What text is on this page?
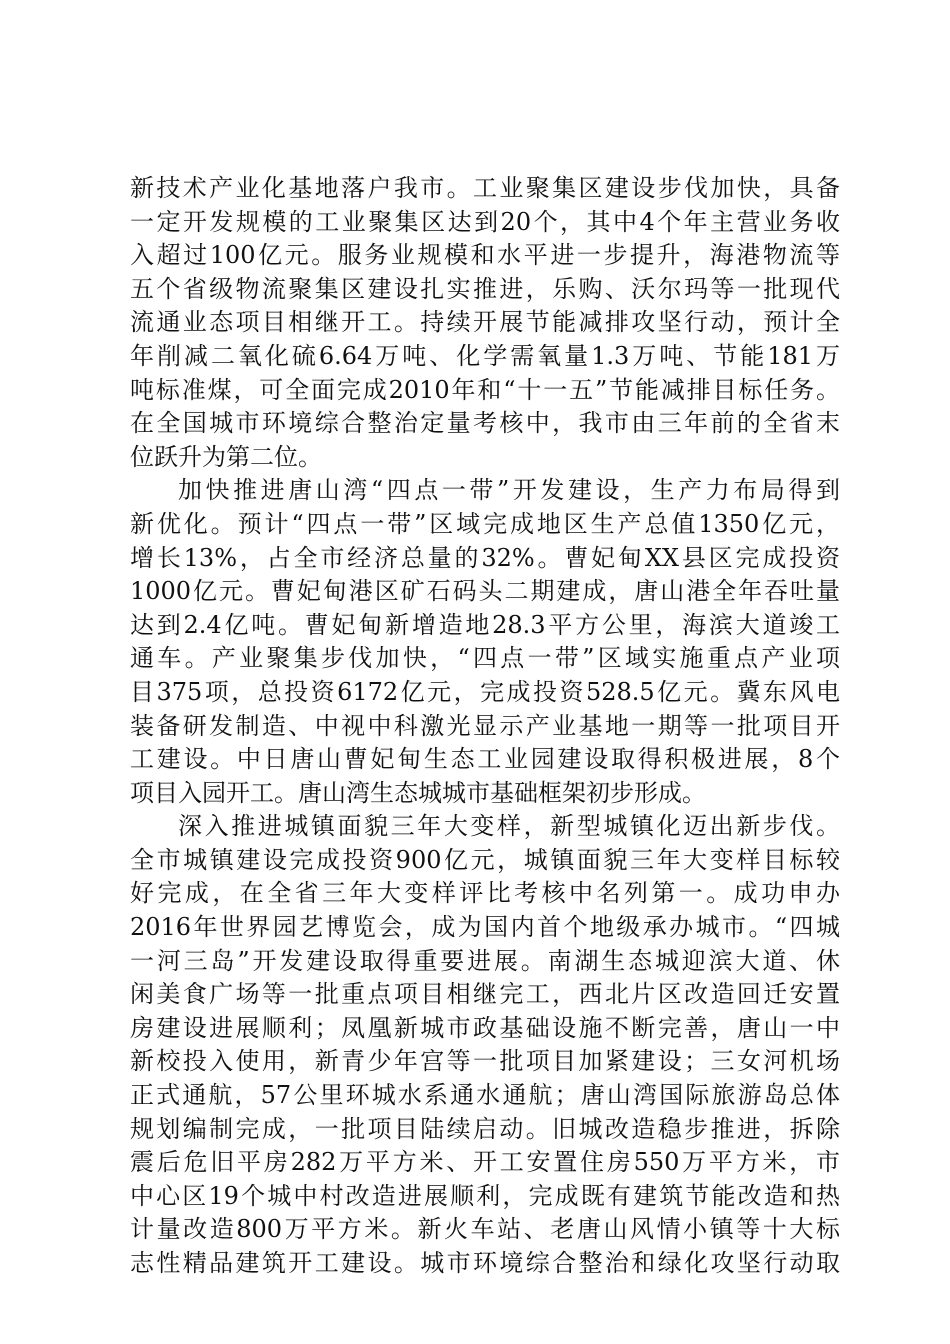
新技术产业化基地落户我市。工业聚集区建设步伐加快，具备
一定开发规模的工业聚集区达到20个，其中4个年主营业务收
入超过100亿元。服务业规模和水平进一步提升，海港物流等
五个省级物流聚集区建设扎实推进，乐购、沃尔玛等一批现代
流通业态项目相继开工。持续开展节能减排攻坚行动，预计全
年削减二氧化硫6.64万吨、化学需氧量1.3万吨、节能181万
吨标准煤，可全面完成2010年和“十一五”节能减排目标任务。
在全国城市环境综合整治定量考核中，我市由三年前的全省末
位跃升为第二位。
加快推进唐山湾“四点一带”开发建设，生产力布局得到
新优化。预计“四点一带”区域完成地区生产总值1350亿元，
增长13%，占全市经济总量的32%。曹妃甸XX县区完成投资
1000亿元。曹妃甸港区矿石码头二期建成，唐山港全年吞吐量
达到2.4亿吨。曹妃甸新增造地28.3平方公里，海滨大道竣工
通车。产业聚集步伐加快，“四点一带”区域实施重点产业项
目375项，总投资6172亿元，完成投资528.5亿元。冀东风电
装备研发制造、中视中科激光显示产业基地一期等一批项目开
工建设。中日唐山曹妃甸生态工业园建设取得积极进展，8个
项目入园开工。唐山湾生态城城市基础框架初步形成。
深入推进城镇面貌三年大变样，新型城镇化迈出新步伐。
全市城镇建设完成投资900亿元，城镇面貌三年大变样目标较
好完成，在全省三年大变样评比考核中名列第一。成功申办
2016年世界园艺博览会，成为国内首个地级承办城市。“四城
一河三岛”开发建设取得重要进展。南湖生态城迎滨大道、休
闲美食广场等一批重点项目相继完工，西北片区改造回迁安置
房建设进展顺利；凤凰新城市政基础设施不断完善，唐山一中
新校投入使用，新青少年宫等一批项目加紧建设；三女河机场
正式通航，57公里环城水系通水通航；唐山湾国际旅游岛总体
规划编制完成，一批项目陆续启动。旧城改造稳步推进，拆除
震后危旧平房282万平方米、开工安置住房550万平方米，市
中心区19个城中村改造进展顺利，完成既有建筑节能改造和热
计量改造800万平方米。新火车站、老唐山风情小镇等十大标
志性精品建筑开工建设。城市环境综合整治和绿化攻坚行动取
